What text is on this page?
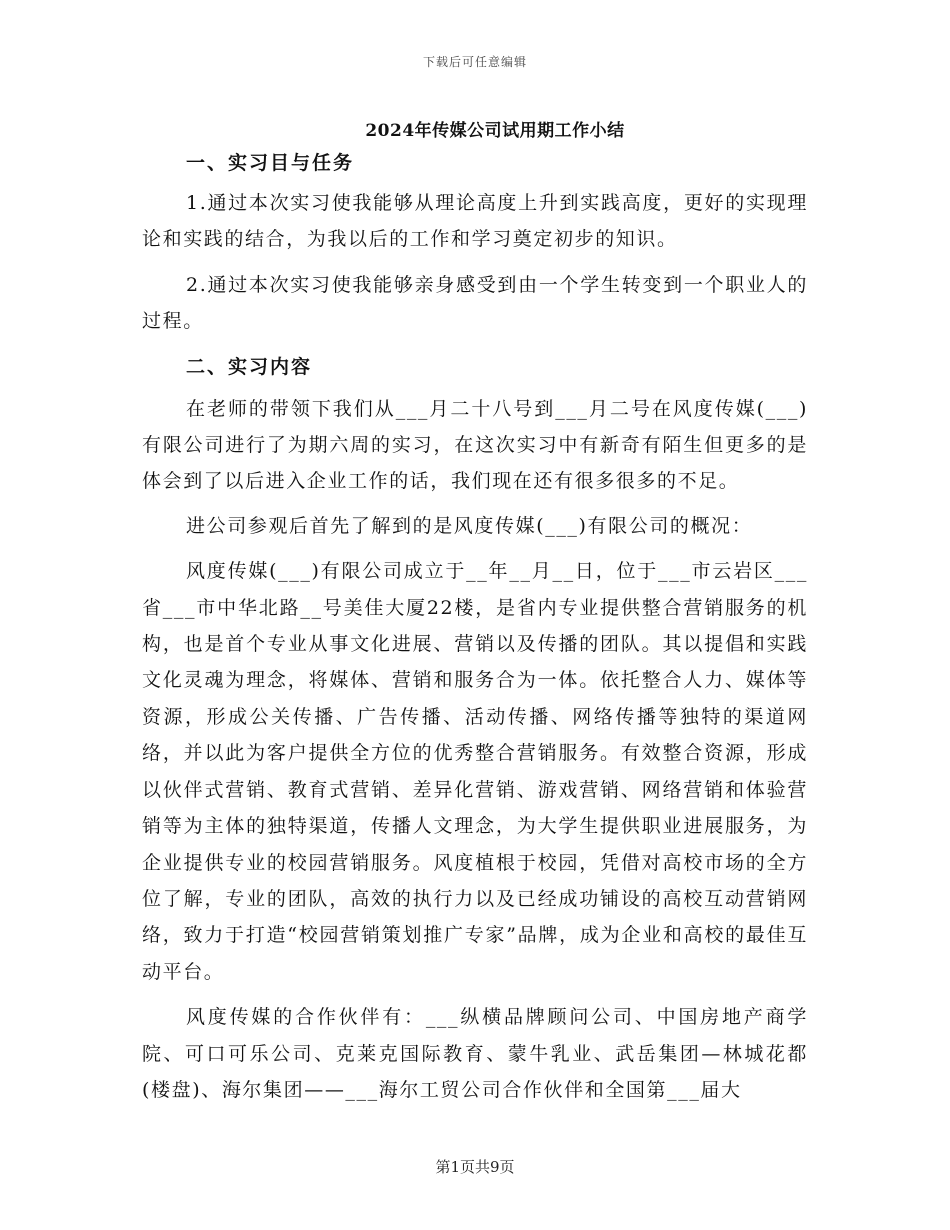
下载后可任意编辑
2024年传媒公司试用期工作小结

一、实习目与任务

1.通过本次实习使我能够从理论高度上升到实践高度，更好的实现理论和实践的结合，为我以后的工作和学习奠定初步的知识。

2.通过本次实习使我能够亲身感受到由一个学生转变到一个职业人的过程。

二、实习内容

在老师的带领下我们从___月二十八号到___月二号在风度传媒(___)有限公司进行了为期六周的实习，在这次实习中有新奇有陌生但更多的是体会到了以后进入企业工作的话，我们现在还有很多很多的不足。

进公司参观后首先了解到的是风度传媒(___)有限公司的概况：

风度传媒(___)有限公司成立于__年__月__日，位于___市云岩区___省___市中华北路__号美佳大厦22楼，是省内专业提供整合营销服务的机构，也是首个专业从事文化进展、营销以及传播的团队。其以提倡和实践文化灵魂为理念，将媒体、营销和服务合为一体。依托整合人力、媒体等资源，形成公关传播、广告传播、活动传播、网络传播等独特的渠道网络，并以此为客户提供全方位的优秀整合营销服务。有效整合资源，形成以伙伴式营销、教育式营销、差异化营销、游戏营销、网络营销和体验营销等为主体的独特渠道，传播人文理念，为大学生提供职业进展服务，为企业提供专业的校园营销服务。风度植根于校园，凭借对高校市场的全方位了解，专业的团队，高效的执行力以及已经成功铺设的高校互动营销网络，致力于打造“校园营销策划推广专家”品牌，成为企业和高校的最佳互动平台。

风度传媒的合作伙伴有：___纵横品牌顾问公司、中国房地产商学院、可口可乐公司、克莱克国际教育、蒙牛乳业、武岳集团—林城花都(楼盘)、海尔集团——___海尔工贸公司合作伙伴和全国第___届大

第1页共9页
